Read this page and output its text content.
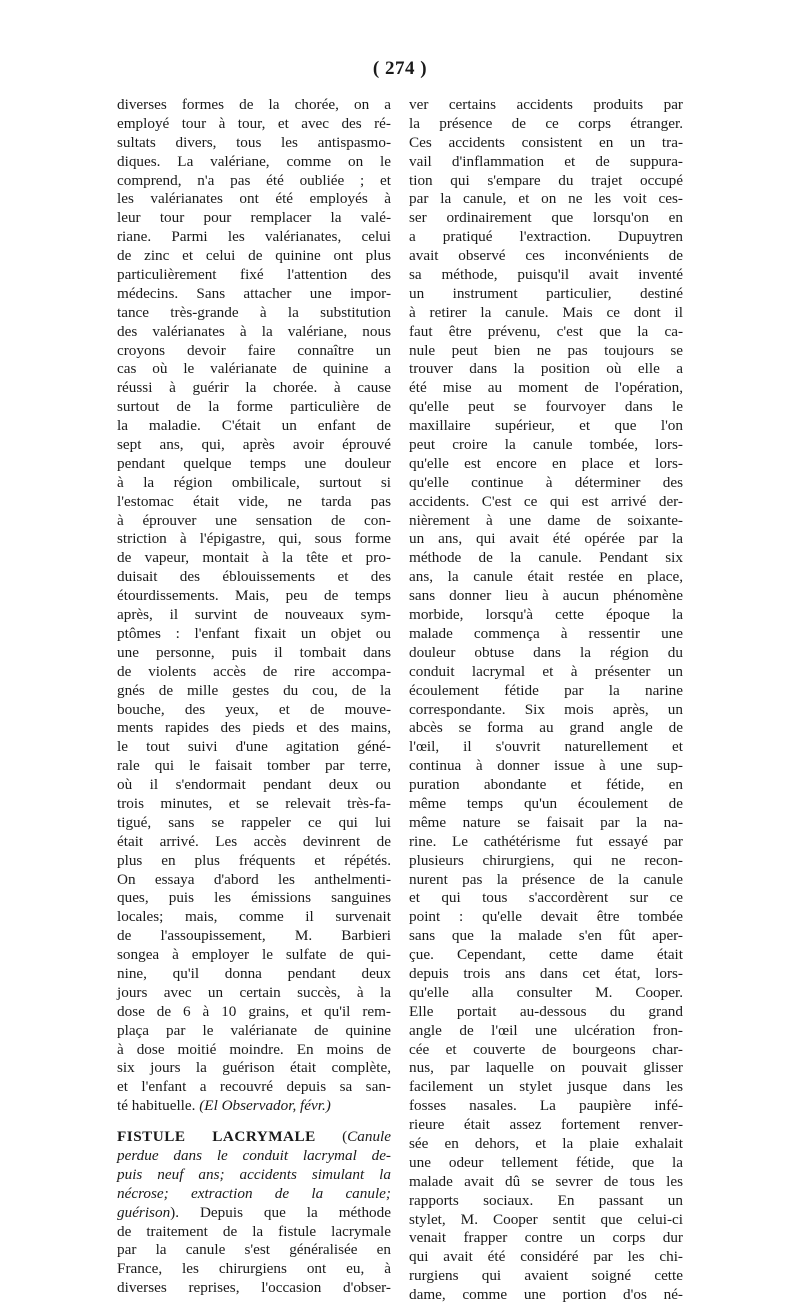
( 274 )
diverses formes de la chorée, on a
employé tour à tour, et avec des ré-
sultats divers, tous les antispasmo-
diques. La valériane, comme on le
comprend, n'a pas été oubliée ; et
les valérianates ont été employés à
leur tour pour remplacer la valé-
riane. Parmi les valérianates, celui
de zinc et celui de quinine ont plus
particulièrement fixé l'attention des
médecins. Sans attacher une impor-
tance très-grande à la substitution
des valérianates à la valériane, nous
croyons devoir faire connaître un
cas où le valérianate de quinine a
réussi à guérir la chorée. à cause
surtout de la forme particulière de
la maladie. C'était un enfant de
sept ans, qui, après avoir éprouvé
pendant quelque temps une douleur
à la région ombilicale, surtout si
l'estomac était vide, ne tarda pas
à éprouver une sensation de con-
striction à l'épigastre, qui, sous forme
de vapeur, montait à la tête et pro-
duisait des éblouissements et des
étourdissements. Mais, peu de temps
après, il survint de nouveaux sym-
ptômes : l'enfant fixait un objet ou
une personne, puis il tombait dans
de violents accès de rire accompa-
gnés de mille gestes du cou, de la
bouche, des yeux, et de mouve-
ments rapides des pieds et des mains,
le tout suivi d'une agitation géné-
rale qui le faisait tomber par terre,
où il s'endormait pendant deux ou
trois minutes, et se relevait très-fa-
tigué, sans se rappeler ce qui lui
était arrivé. Les accès devinrent de
plus en plus fréquents et répétés.
On essaya d'abord les anthelmenti-
ques, puis les émissions sanguines
locales; mais, comme il survenait
de l'assoupissement, M. Barbieri
songea à employer le sulfate de qui-
nine, qu'il donna pendant deux
jours avec un certain succès, à la
dose de 6 à 10 grains, et qu'il rem-
plaça par le valérianate de quinine
à dose moitié moindre. En moins de
six jours la guérison était complète,
et l'enfant a recouvré depuis sa san-
té habituelle. (El Observador, févr.)
FISTULE LACRYMALE (Canule
perdue dans le conduit lacrymal de-
puis neuf ans; accidents simulant la
nécrose; extraction de la canule;
guérison). Depuis que la méthode
de traitement de la fistule lacrymale
par la canule s'est généralisée en
France, les chirurgiens ont eu, à
diverses reprises, l'occasion d'obser-
ver certains accidents produits par
la présence de ce corps étranger.
Ces accidents consistent en un tra-
vail d'inflammation et de suppura-
tion qui s'empare du trajet occupé
par la canule, et on ne les voit ces-
ser ordinairement que lorsqu'on en
a pratiqué l'extraction. Dupuytren
avait observé ces inconvénients de
sa méthode, puisqu'il avait inventé
un instrument particulier, destiné
à retirer la canule. Mais ce dont il
faut être prévenu, c'est que la ca-
nule peut bien ne pas toujours se
trouver dans la position où elle a
été mise au moment de l'opération,
qu'elle peut se fourvoyer dans le
maxillaire supérieur, et que l'on
peut croire la canule tombée, lors-
qu'elle est encore en place et lors-
qu'elle continue à déterminer des
accidents. C'est ce qui est arrivé der-
nièrement à une dame de soixante-
un ans, qui avait été opérée par la
méthode de la canule. Pendant six
ans, la canule était restée en place,
sans donner lieu à aucun phénomène
morbide, lorsqu'à cette époque la
malade commença à ressentir une
douleur obtuse dans la région du
conduit lacrymal et à présenter un
écoulement fétide par la narine
correspondante. Six mois après, un
abcès se forma au grand angle de
l'œil, il s'ouvrit naturellement et
continua à donner issue à une sup-
puration abondante et fétide, en
même temps qu'un écoulement de
même nature se faisait par la na-
rine. Le cathétérisme fut essayé par
plusieurs chirurgiens, qui ne recon-
nurent pas la présence de la canule
et qui tous s'accordèrent sur ce
point : qu'elle devait être tombée
sans que la malade s'en fût aper-
çue. Cependant, cette dame était
depuis trois ans dans cet état, lors-
qu'elle alla consulter M. Cooper.
Elle portait au-dessous du grand
angle de l'œil une ulcération fron-
cée et couverte de bourgeons char-
nus, par laquelle on pouvait glisser
facilement un stylet jusque dans les
fosses nasales. La paupière infé-
rieure était assez fortement renver-
sée en dehors, et la plaie exhalait
une odeur tellement fétide, que la
malade avait dû se sevrer de tous les
rapports sociaux. En passant un
stylet, M. Cooper sentit que celui-ci
venait frapper contre un corps dur
qui avait été considéré par les chi-
rurgiens qui avaient soigné cette
dame, comme une portion d'os né-
